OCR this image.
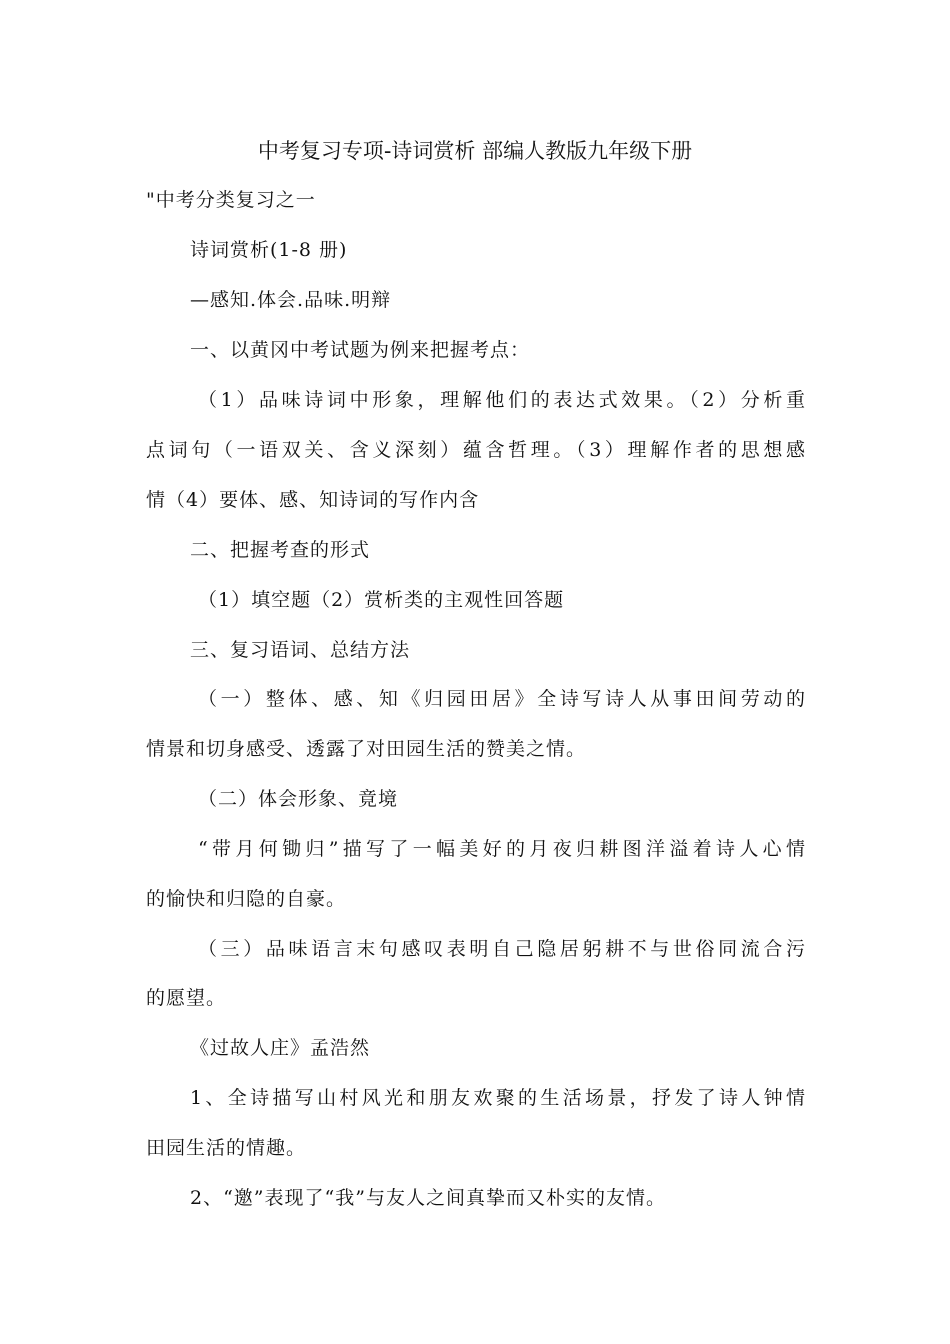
中考复习专项-诗词赏析 部编人教版九年级下册

"中考分类复习之一

诗词赏析(1-8 册)

—感知.体会.品味.明辩

一、以黄冈中考试题为例来把握考点：

（1）品味诗词中形象，理解他们的表达式效果。（2）分析重

点词句（一语双关、含义深刻）蕴含哲理。（3）理解作者的思想感

情（4）要体、感、知诗词的写作内含

二、把握考查的形式

（1）填空题（2）赏析类的主观性回答题

三、复习语词、总结方法

（一）整体、感、知《归园田居》全诗写诗人从事田间劳动的

情景和切身感受、透露了对田园生活的赞美之情。

（二）体会形象、竟境

“带月何锄归”描写了一幅美好的月夜归耕图洋溢着诗人心情

的愉快和归隐的自豪。

（三）品味语言末句感叹表明自己隐居躬耕不与世俗同流合污

的愿望。

《过故人庄》孟浩然

1、全诗描写山村风光和朋友欢聚的生活场景，抒发了诗人钟情

田园生活的情趣。

2、“邀”表现了“我”与友人之间真挚而又朴实的友情。
